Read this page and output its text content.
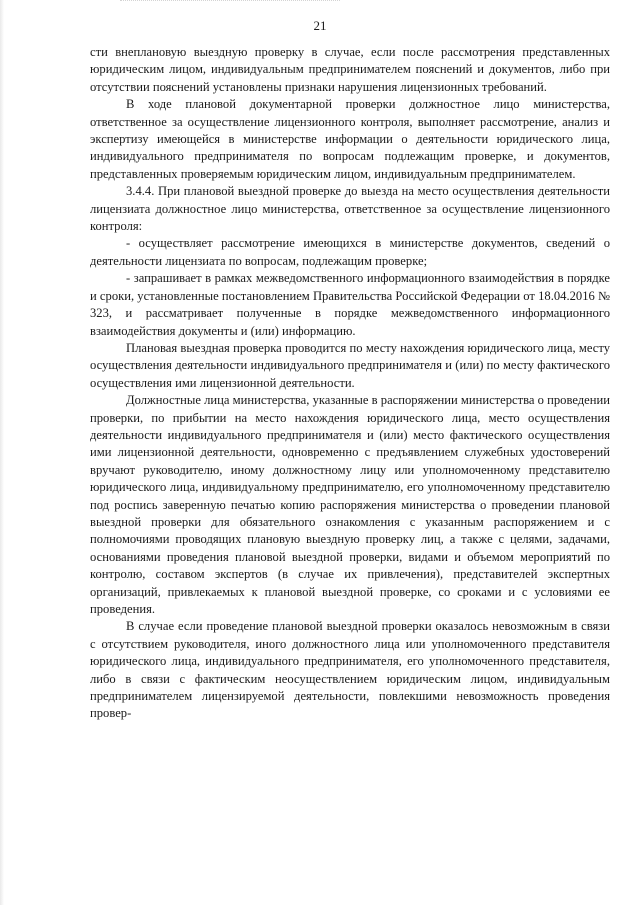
21

сти внеплановую выездную проверку в случае, если после рассмотрения представленных юридическим лицом, индивидуальным предпринимателем пояснений и документов, либо при отсутствии пояснений установлены признаки нарушения лицензионных требований.

В ходе плановой документарной проверки должностное лицо министерства, ответственное за осуществление лицензионного контроля, выполняет рассмотрение, анализ и экспертизу имеющейся в министерстве информации о деятельности юридического лица, индивидуального предпринимателя по вопросам подлежащим проверке, и документов, представленных проверяемым юридическим лицом, индивидуальным предпринимателем.

3.4.4. При плановой выездной проверке до выезда на место осуществления деятельности лицензиата должностное лицо министерства, ответственное за осуществление лицензионного контроля:

- осуществляет рассмотрение имеющихся в министерстве документов, сведений о деятельности лицензиата по вопросам, подлежащим проверке;

- запрашивает в рамках межведомственного информационного взаимодействия в порядке и сроки, установленные постановлением Правительства Российской Федерации от 18.04.2016 № 323, и рассматривает полученные в порядке межведомственного информационного взаимодействия документы и (или) информацию.

Плановая выездная проверка проводится по месту нахождения юридического лица, месту осуществления деятельности индивидуального предпринимателя и (или) по месту фактического осуществления ими лицензионной деятельности.

Должностные лица министерства, указанные в распоряжении министерства о проведении проверки, по прибытии на место нахождения юридического лица, место осуществления деятельности индивидуального предпринимателя и (или) место фактического осуществления ими лицензионной деятельности, одновременно с предъявлением служебных удостоверений вручают руководителю, иному должностному лицу или уполномоченному представителю юридического лица, индивидуальному предпринимателю, его уполномоченному представителю под роспись заверенную печатью копию распоряжения министерства о проведении плановой выездной проверки для обязательного ознакомления с указанным распоряжением и с полномочиями проводящих плановую выездную проверку лиц, а также с целями, задачами, основаниями проведения плановой выездной проверки, видами и объемом мероприятий по контролю, составом экспертов (в случае их привлечения), представителей экспертных организаций, привлекаемых к плановой выездной проверке, со сроками и с условиями ее проведения.

В случае если проведение плановой выездной проверки оказалось невозможным в связи с отсутствием руководителя, иного должностного лица или уполномоченного представителя юридического лица, индивидуального предпринимателя, его уполномоченного представителя, либо в связи с фактическим неосуществлением юридическим лицом, индивидуальным предпринимателем лицензируемой деятельности, повлекшими невозможность проведения провер-
